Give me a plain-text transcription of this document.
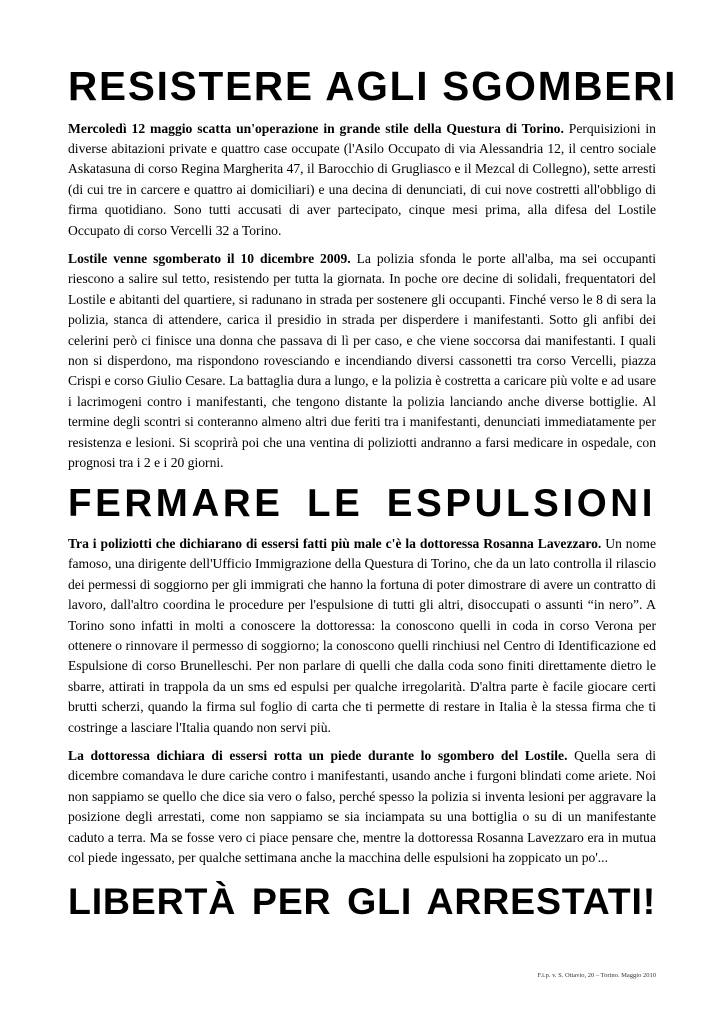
RESISTERE AGLI SGOMBERI

Mercoledì 12 maggio scatta un'operazione in grande stile della Questura di Torino. Perquisizioni in diverse abitazioni private e quattro case occupate (l'Asilo Occupato di via Alessandria 12, il centro sociale Askatasuna di corso Regina Margherita 47, il Barocchio di Grugliasco e il Mezcal di Collegno), sette arresti (di cui tre in carcere e quattro ai domiciliari) e una decina di denunciati, di cui nove costretti all'obbligo di firma quotidiano. Sono tutti accusati di aver partecipato, cinque mesi prima, alla difesa del Lostile Occupato di corso Vercelli 32 a Torino.

Lostile venne sgomberato il 10 dicembre 2009. La polizia sfonda le porte all'alba, ma sei occupanti riescono a salire sul tetto, resistendo per tutta la giornata. In poche ore decine di solidali, frequentatori del Lostile e abitanti del quartiere, si radunano in strada per sostenere gli occupanti. Finché verso le 8 di sera la polizia, stanca di attendere, carica il presidio in strada per disperdere i manifestanti. Sotto gli anfibi dei celerini però ci finisce una donna che passava di lì per caso, e che viene soccorsa dai manifestanti. I quali non si disperdono, ma rispondono rovesciando e incendiando diversi cassonetti tra corso Vercelli, piazza Crispi e corso Giulio Cesare. La battaglia dura a lungo, e la polizia è costretta a caricare più volte e ad usare i lacrimogeni contro i manifestanti, che tengono distante la polizia lanciando anche diverse bottiglie. Al termine degli scontri si conteranno almeno altri due feriti tra i manifestanti, denunciati immediatamente per resistenza e lesioni. Si scoprirà poi che una ventina di poliziotti andranno a farsi medicare in ospedale, con prognosi tra i 2 e i 20 giorni.

FERMARE LE ESPULSIONI

Tra i poliziotti che dichiarano di essersi fatti più male c'è la dottoressa Rosanna Lavezzaro. Un nome famoso, una dirigente dell'Ufficio Immigrazione della Questura di Torino, che da un lato controlla il rilascio dei permessi di soggiorno per gli immigrati che hanno la fortuna di poter dimostrare di avere un contratto di lavoro, dall'altro coordina le procedure per l'espulsione di tutti gli altri, disoccupati o assunti “in nero”. A Torino sono infatti in molti a conoscere la dottoressa: la conoscono quelli in coda in corso Verona per ottenere o rinnovare il permesso di soggiorno; la conoscono quelli rinchiusi nel Centro di Identificazione ed Espulsione di corso Brunelleschi. Per non parlare di quelli che dalla coda sono finiti direttamente dietro le sbarre, attirati in trappola da un sms ed espulsi per qualche irregolarità. D'altra parte è facile giocare certi brutti scherzi, quando la firma sul foglio di carta che ti permette di restare in Italia è la stessa firma che ti costringe a lasciare l'Italia quando non servi più.

La dottoressa dichiara di essersi rotta un piede durante lo sgombero del Lostile. Quella sera di dicembre comandava le dure cariche contro i manifestanti, usando anche i furgoni blindati come ariete. Noi non sappiamo se quello che dice sia vero o falso, perché spesso la polizia si inventa lesioni per aggravare la posizione degli arrestati, come non sappiamo se sia inciampata su una bottiglia o su di un manifestante caduto a terra. Ma se fosse vero ci piace pensare che, mentre la dottoressa Rosanna Lavezzaro era in mutua col piede ingessato, per qualche settimana anche la macchina delle espulsioni ha zoppicato un po'...

LIBERTÀ PER GLI ARRESTATI!
F.i.p. v. S. Ottavio, 20 – Torino. Maggio 2010
